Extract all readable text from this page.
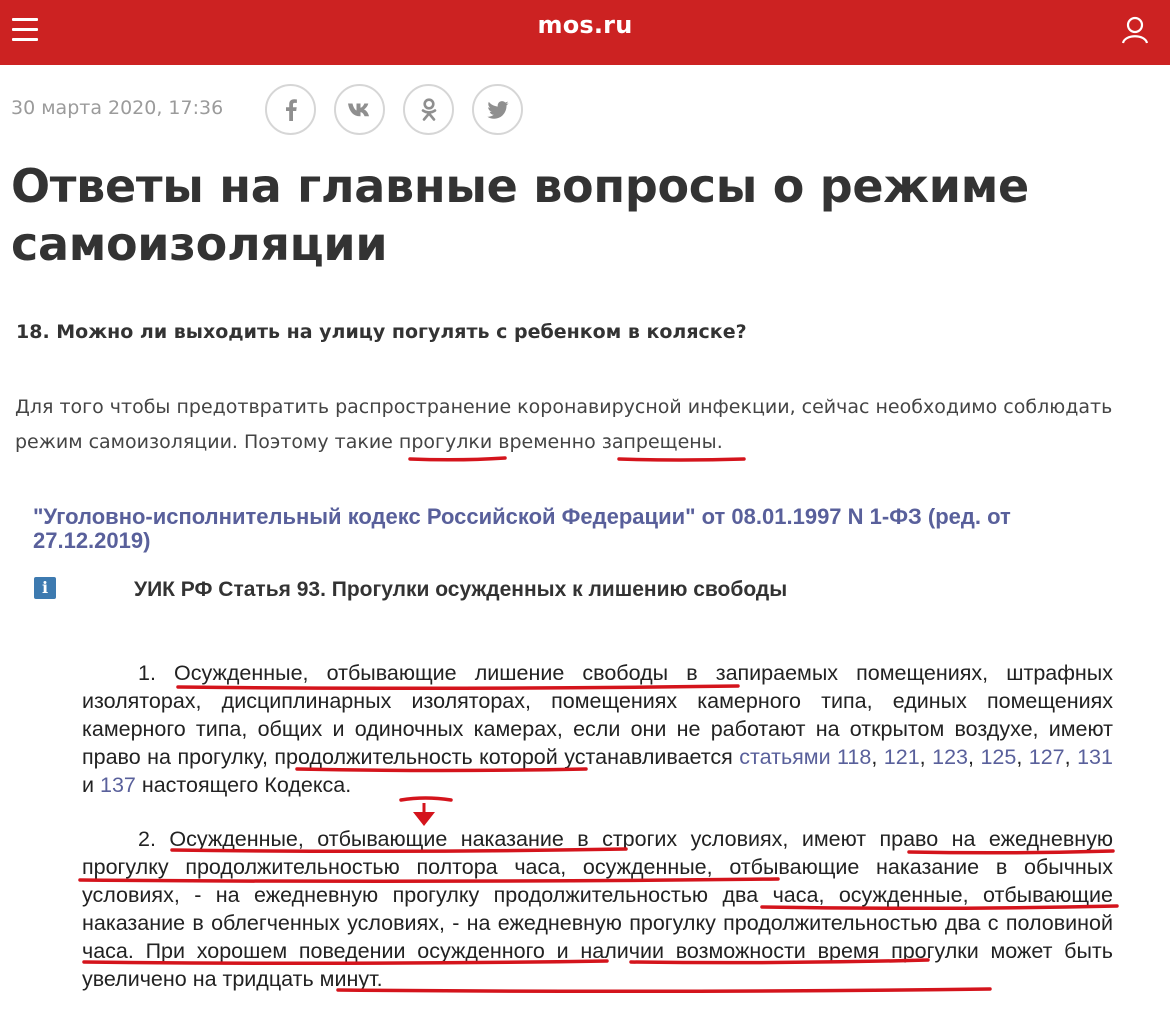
mos.ru
30 марта 2020, 17:36
Ответы на главные вопросы о режиме самоизоляции
18. Можно ли выходить на улицу погулять с ребенком в коляске?

Для того чтобы предотвратить распространение коронавирусной инфекции, сейчас необходимо соблюдать режим самоизоляции. Поэтому такие прогулки временно запрещены.

"Уголовно-исполнительный кодекс Российской Федерации" от 08.01.1997 N 1-ФЗ (ред. от 27.12.2019)
i	УИК РФ Статья 93. Прогулки осужденных к лишению свободы

1. Осужденные, отбывающие лишение свободы в запираемых помещениях, штрафных изоляторах, дисциплинарных изоляторах, помещениях камерного типа, единых помещениях камерного типа, общих и одиночных камерах, если они не работают на открытом воздухе, имеют право на прогулку, продолжительность которой устанавливается статьями 118, 121, 123, 125, 127, 131 и 137 настоящего Кодекса.

2. Осужденные, отбывающие наказание в строгих условиях, имеют право на ежедневную прогулку продолжительностью полтора часа, осужденные, отбывающие наказание в обычных условиях, - на ежедневную прогулку продолжительностью два часа, осужденные, отбывающие наказание в облегченных условиях, - на ежедневную прогулку продолжительностью два с половиной часа. При хорошем поведении осужденного и наличии возможности время прогулки может быть увеличено на тридцать минут.
